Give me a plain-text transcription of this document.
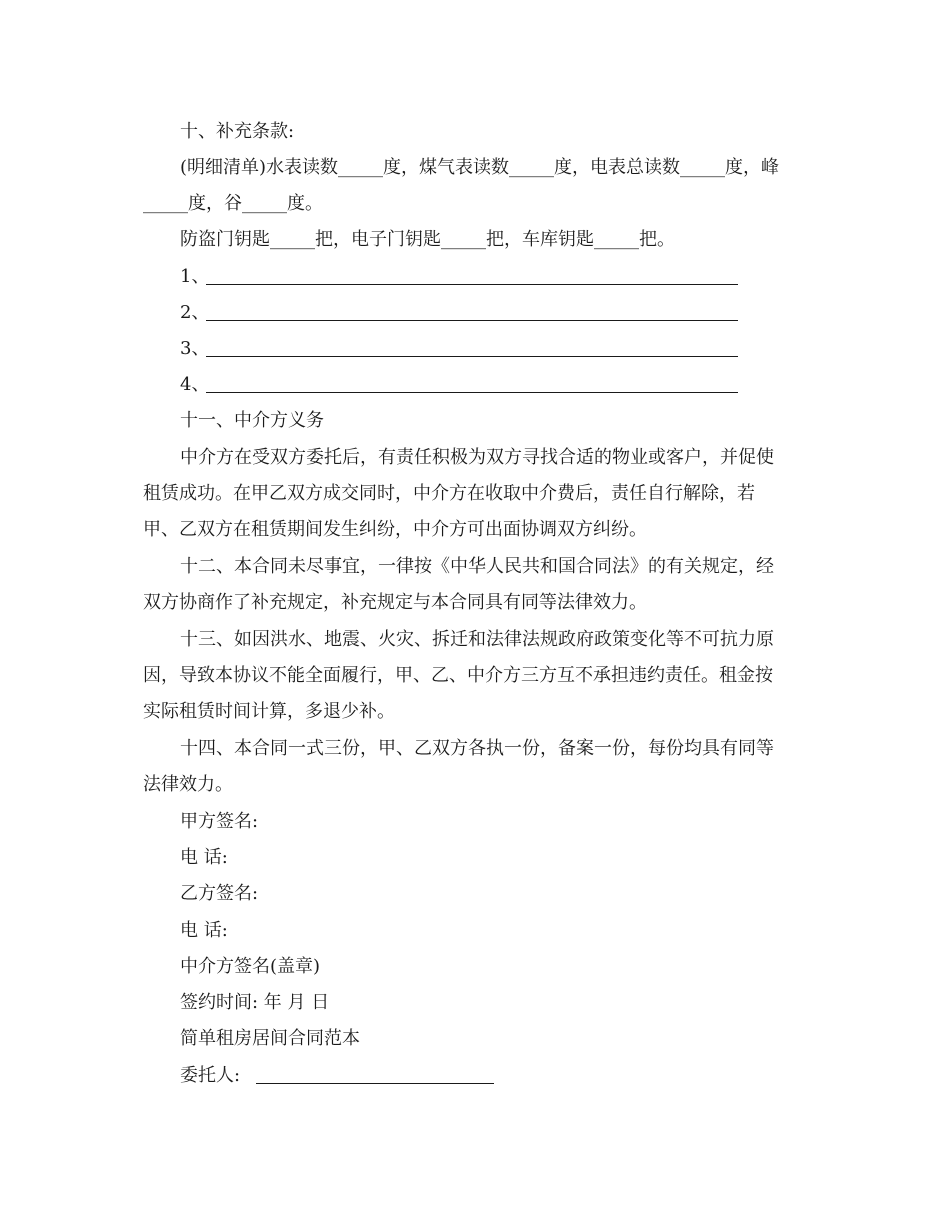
十、补充条款:
(明细清单)水表读数_____度，煤气表读数_____度，电表总读数_____度，峰
_____度，谷_____度。
防盗门钥匙_____把，电子门钥匙_____把，车库钥匙_____把。
1、
2、
3、
4、
十一、中介方义务
中介方在受双方委托后，有责任积极为双方寻找合适的物业或客户，并促使
租赁成功。在甲乙双方成交同时，中介方在收取中介费后，责任自行解除，若
甲、乙双方在租赁期间发生纠纷，中介方可出面协调双方纠纷。
十二、本合同未尽事宜，一律按《中华人民共和国合同法》的有关规定，经
双方协商作了补充规定，补充规定与本合同具有同等法律效力。
十三、如因洪水、地震、火灾、拆迁和法律法规政府政策变化等不可抗力原
因，导致本协议不能全面履行，甲、乙、中介方三方互不承担违约责任。租金按
实际租赁时间计算，多退少补。
十四、本合同一式三份，甲、乙双方各执一份，备案一份，每份均具有同等
法律效力。
甲方签名:
电 话:
乙方签名:
电 话:
中介方签名(盖章)
签约时间: 年 月 日
简单租房居间合同范本
委托人:
